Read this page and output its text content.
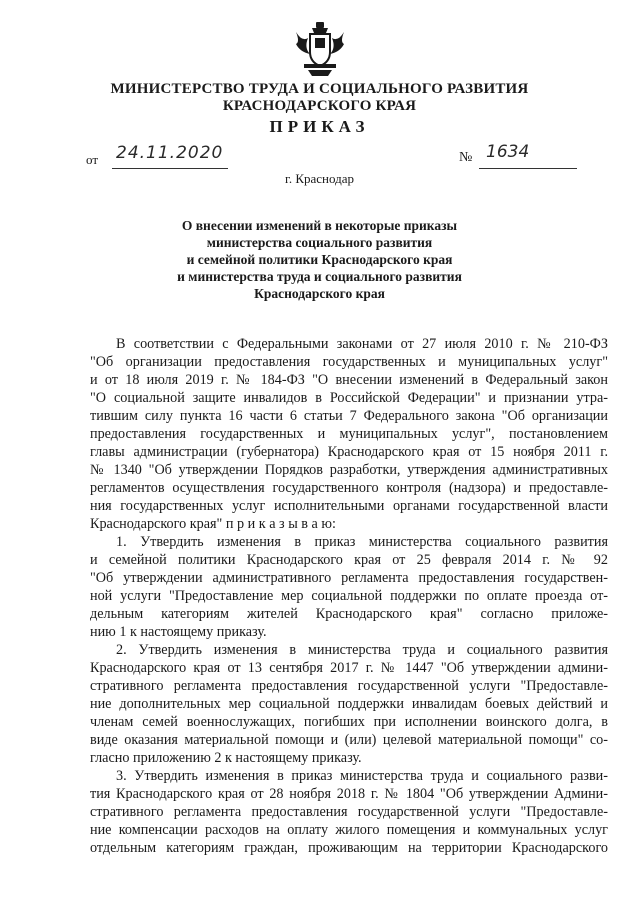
МИНИСТЕРСТВО ТРУДА И СОЦИАЛЬНОГО РАЗВИТИЯ
КРАСНОДАРСКОГО КРАЯ
ПРИКАЗ
от 24.11.2020	№ 1634
г. Краснодар
О внесении изменений в некоторые приказы
министерства социального развития
и семейной политики Краснодарского края
и министерства труда и социального развития
Краснодарского края
В соответствии с Федеральными законами от 27 июля 2010 г. № 210-ФЗ
"Об организации предоставления государственных и муниципальных услуг"
и от 18 июля 2019 г. № 184-ФЗ "О внесении изменений в Федеральный закон
"О социальной защите инвалидов в Российской Федерации" и признании утра-
тившим силу пункта 16 части 6 статьи 7 Федерального закона "Об организации
предоставления государственных и муниципальных услуг", постановлением
главы администрации (губернатора) Краснодарского края от 15 ноября 2011 г.
№ 1340 "Об утверждении Порядков разработки, утверждения административных
регламентов осуществления государственного контроля (надзора) и предоставле-
ния государственных услуг исполнительными органами государственной власти
Краснодарского края" п р и к а з ы в а ю:
1. Утвердить изменения в приказ министерства социального развития
и семейной политики Краснодарского края от 25 февраля 2014 г. № 92
"Об утверждении административного регламента предоставления государствен-
ной услуги "Предоставление мер социальной поддержки по оплате проезда от-
дельным категориям жителей Краснодарского края" согласно приложе-
нию 1 к настоящему приказу.
2. Утвердить изменения в министерства труда и социального развития
Краснодарского края от 13 сентября 2017 г. № 1447 "Об утверждении админи-
стративного регламента предоставления государственной услуги "Предоставле-
ние дополнительных мер социальной поддержки инвалидам боевых действий и
членам семей военнослужащих, погибших при исполнении воинского долга, в
виде оказания материальной помощи и (или) целевой материальной помощи" со-
гласно приложению 2 к настоящему приказу.
3. Утвердить изменения в приказ министерства труда и социального разви-
тия Краснодарского края от 28 ноября 2018 г. № 1804 "Об утверждении Админи-
стративного регламента предоставления государственной услуги "Предоставле-
ние компенсации расходов на оплату жилого помещения и коммунальных услуг
отдельным категориям граждан, проживающим на территории Краснодарского
